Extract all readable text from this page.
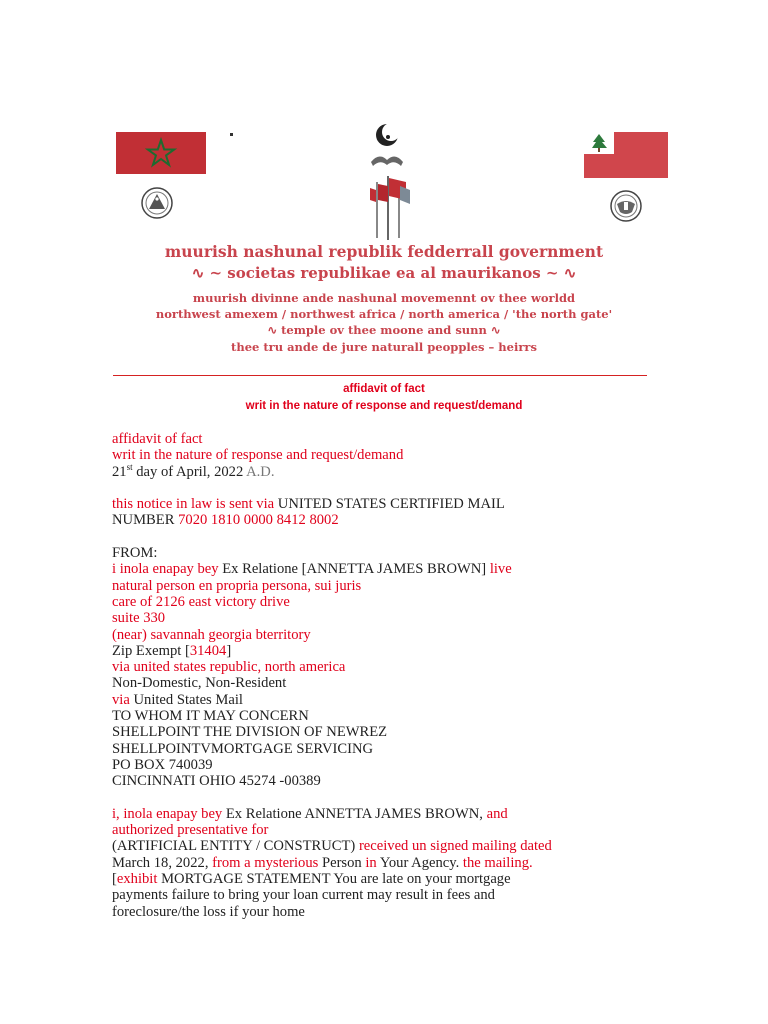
muurish nashunal republik fedderrall government
∿ ~ societas republikae ea al maurikanos ~ ∿
muurish divinne ande nashunal movemennt ov thee worldd
northwest amexem / northwest africa / north america / 'the north gate'
∿ temple ov thee moone and sunn ∿
thee tru ande de jure naturall peopples – heirrs
affidavit of fact
writ in the nature of response and request/demand
affidavit of fact
writ in the nature of response and request/demand
21st day of April, 2022 A.D.
this notice in law is sent via UNITED STATES CERTIFIED MAIL
NUMBER 7020 1810 0000 8412 8002
FROM:
i inola enapay bey Ex Relatione [ANNETTA JAMES BROWN] live
natural person en propria persona, sui juris
care of 2126 east victory drive
suite 330
(near) savannah georgia bterritory
Zip Exempt [31404]
via united states republic, north america
Non-Domestic, Non-Resident
via United States Mail
TO WHOM IT MAY CONCERN
SHELLPOINT THE DIVISION OF NEWREZ
SHELLPOINTVMORTGAGE SERVICING
PO BOX 740039
CINCINNATI OHIO 45274 -00389
i, inola enapay bey Ex Relatione ANNETTA JAMES BROWN, and
authorized presentative for
(ARTIFICIAL ENTITY / CONSTRUCT) received un signed mailing dated
March 18, 2022, from a mysterious Person in Your Agency. the mailing.
[exhibit MORTGAGE STATEMENT You are late on your mortgage
payments failure to bring your loan current may result in fees and
foreclosure/the loss if your home
